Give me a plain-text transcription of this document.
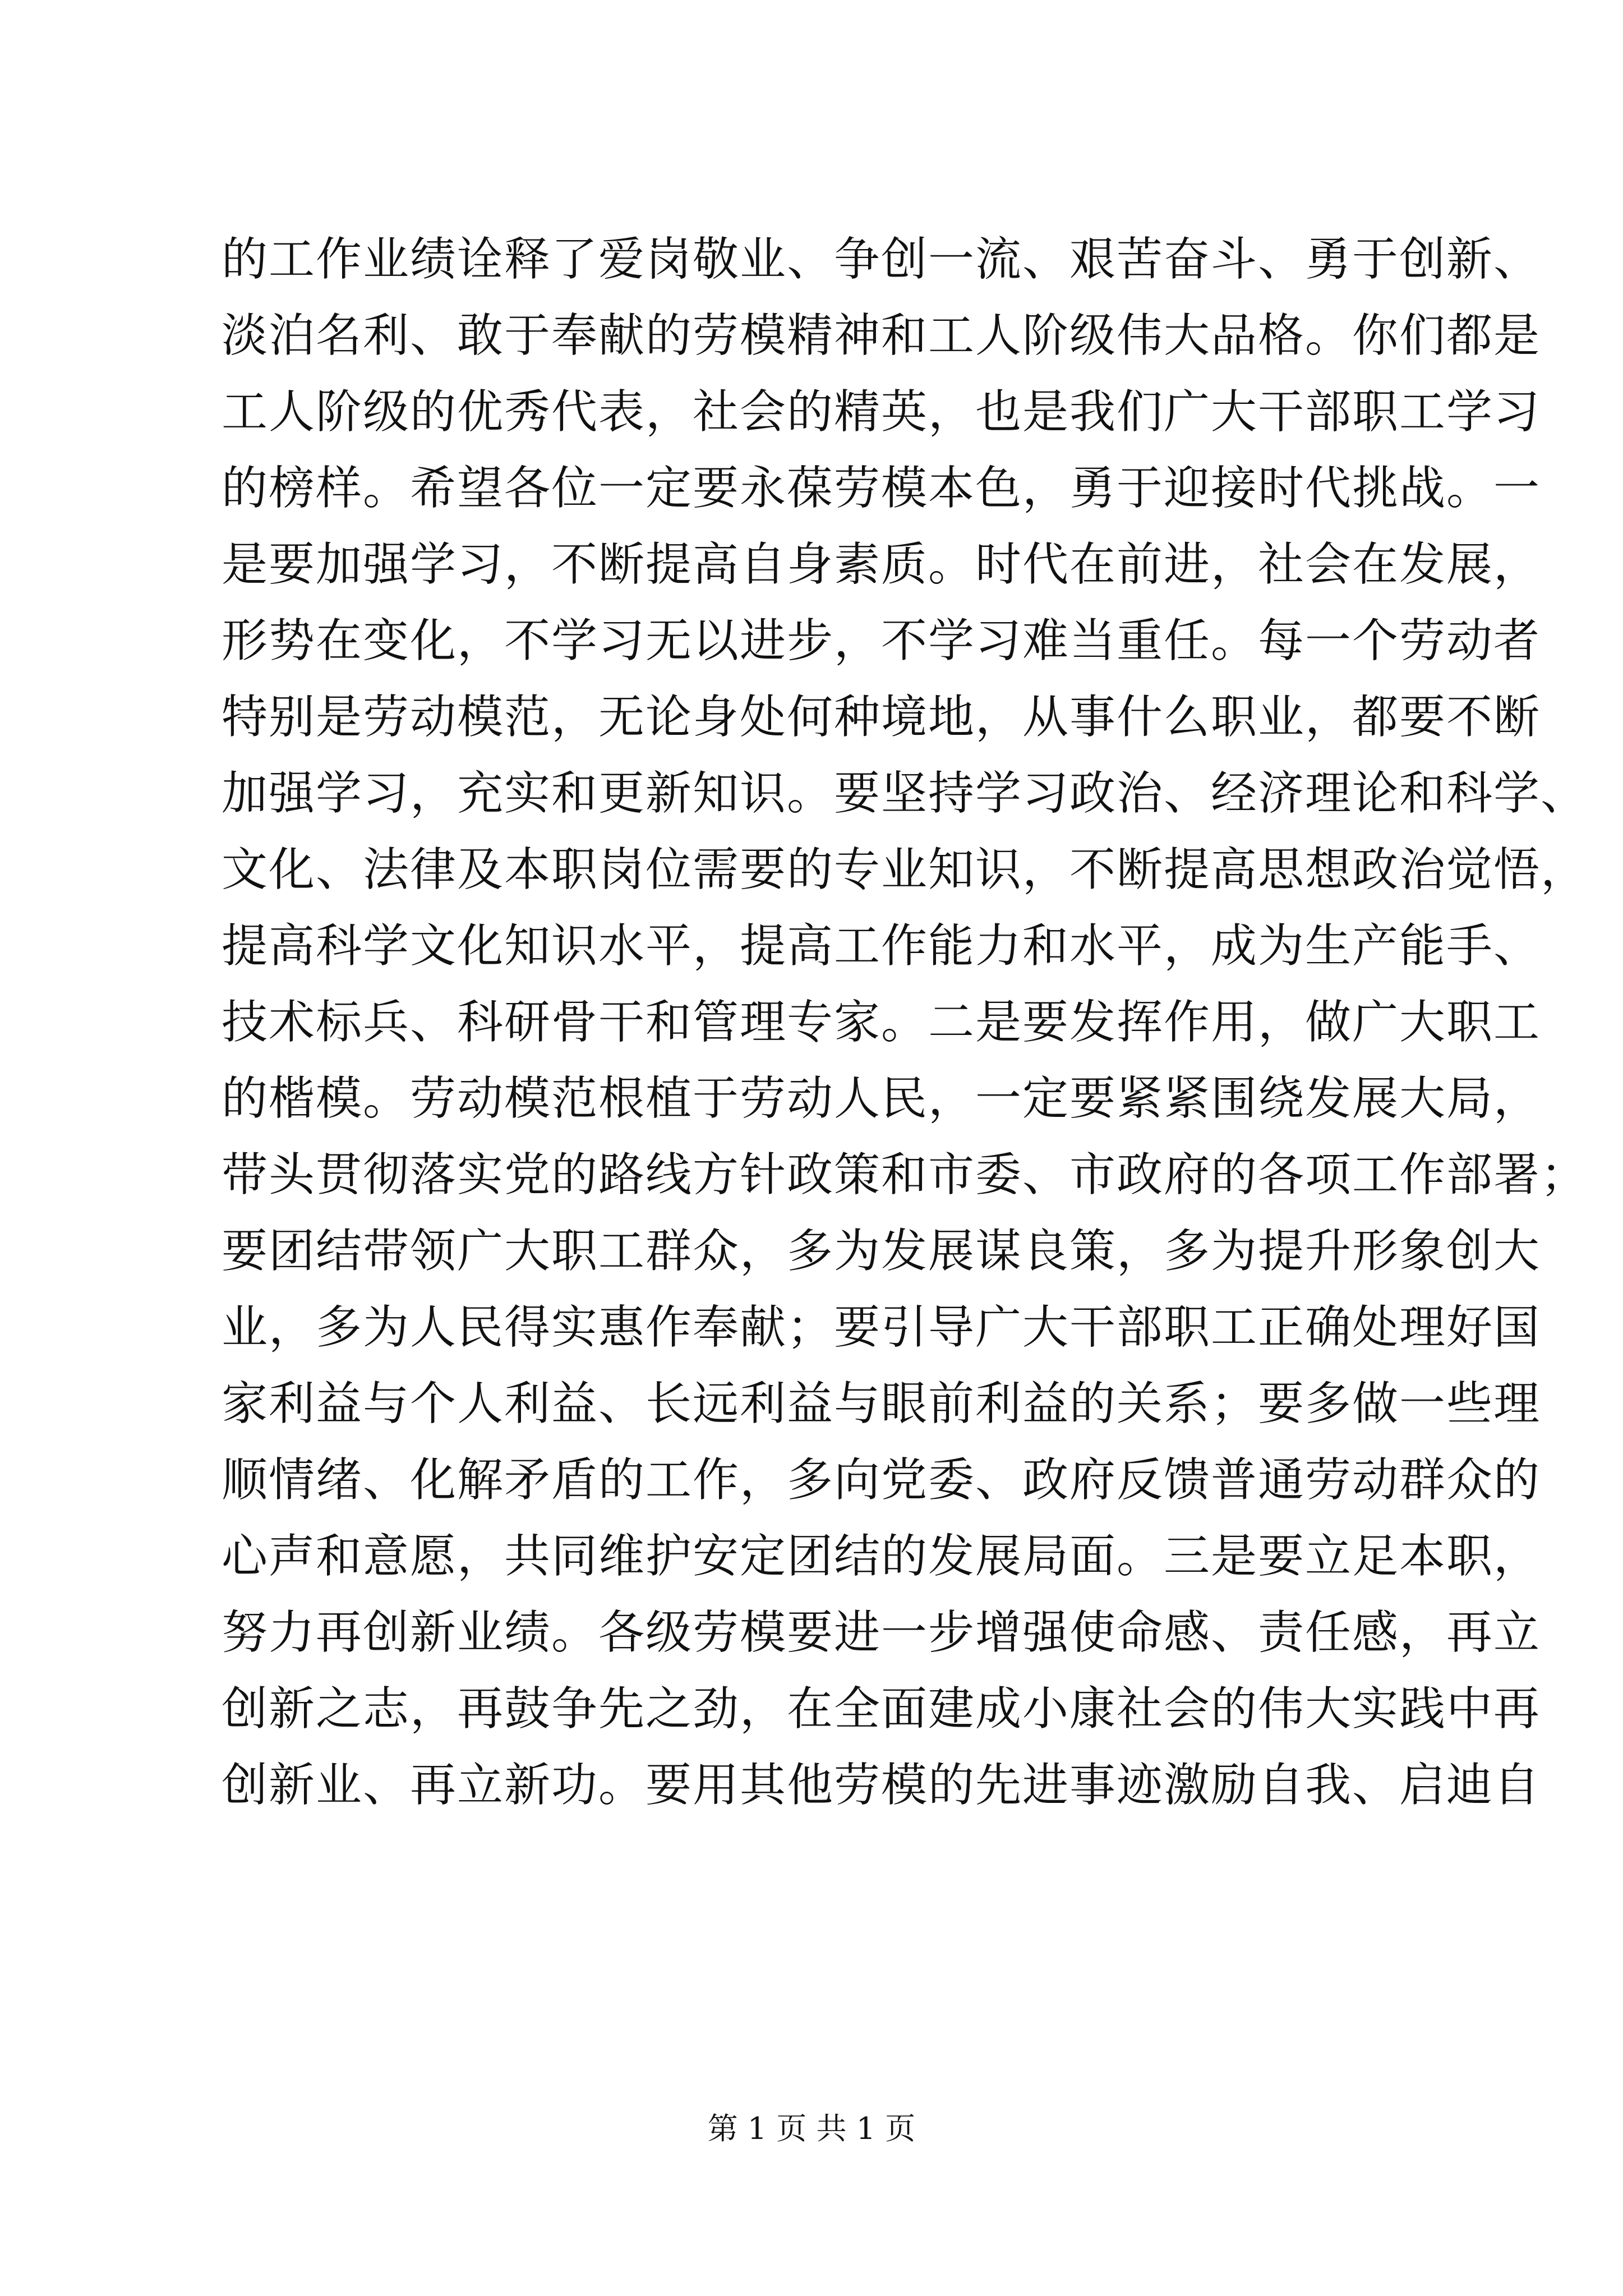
的工作业绩诠释了爱岗敬业、争创一流、艰苦奋斗、勇于创新、
淡泊名利、敢于奉献的劳模精神和工人阶级伟大品格。你们都是
工人阶级的优秀代表，社会的精英，也是我们广大干部职工学习
的榜样。希望各位一定要永葆劳模本色，勇于迎接时代挑战。一
是要加强学习，不断提高自身素质。时代在前进，社会在发展，
形势在变化，不学习无以进步，不学习难当重任。每一个劳动者
特别是劳动模范，无论身处何种境地，从事什么职业，都要不断
加强学习，充实和更新知识。要坚持学习政治、经济理论和科学、
文化、法律及本职岗位需要的专业知识，不断提高思想政治觉悟，
提高科学文化知识水平，提高工作能力和水平，成为生产能手、
技术标兵、科研骨干和管理专家。二是要发挥作用，做广大职工
的楷模。劳动模范根植于劳动人民，一定要紧紧围绕发展大局，
带头贯彻落实党的路线方针政策和市委、市政府的各项工作部署；
要团结带领广大职工群众，多为发展谋良策，多为提升形象创大
业，多为人民得实惠作奉献；要引导广大干部职工正确处理好国
家利益与个人利益、长远利益与眼前利益的关系；要多做一些理
顺情绪、化解矛盾的工作，多向党委、政府反馈普通劳动群众的
心声和意愿，共同维护安定团结的发展局面。三是要立足本职，
努力再创新业绩。各级劳模要进一步增强使命感、责任感，再立
创新之志，再鼓争先之劲，在全面建成小康社会的伟大实践中再
创新业、再立新功。要用其他劳模的先进事迹激励自我、启迪自
第 1 页 共 1 页
